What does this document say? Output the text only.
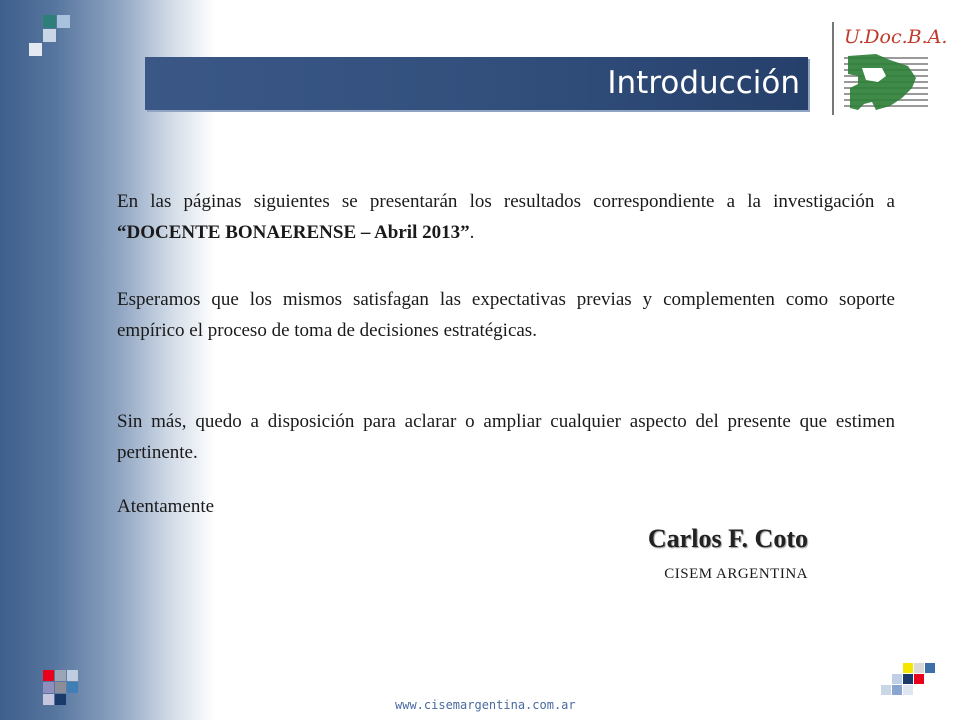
Introducción
U.Doc.B.A.
En las páginas siguientes se presentarán los resultados correspondiente a la investigación a “DOCENTE BONAERENSE – Abril 2013”.
Esperamos que los mismos satisfagan las expectativas previas y complementen como soporte empírico el proceso de toma de decisiones estratégicas.
Sin más, quedo a disposición para aclarar o ampliar cualquier aspecto del presente que estimen pertinente.
Atentamente
Carlos F. Coto
CISEM ARGENTINA
www.cisemargentina.com.ar
